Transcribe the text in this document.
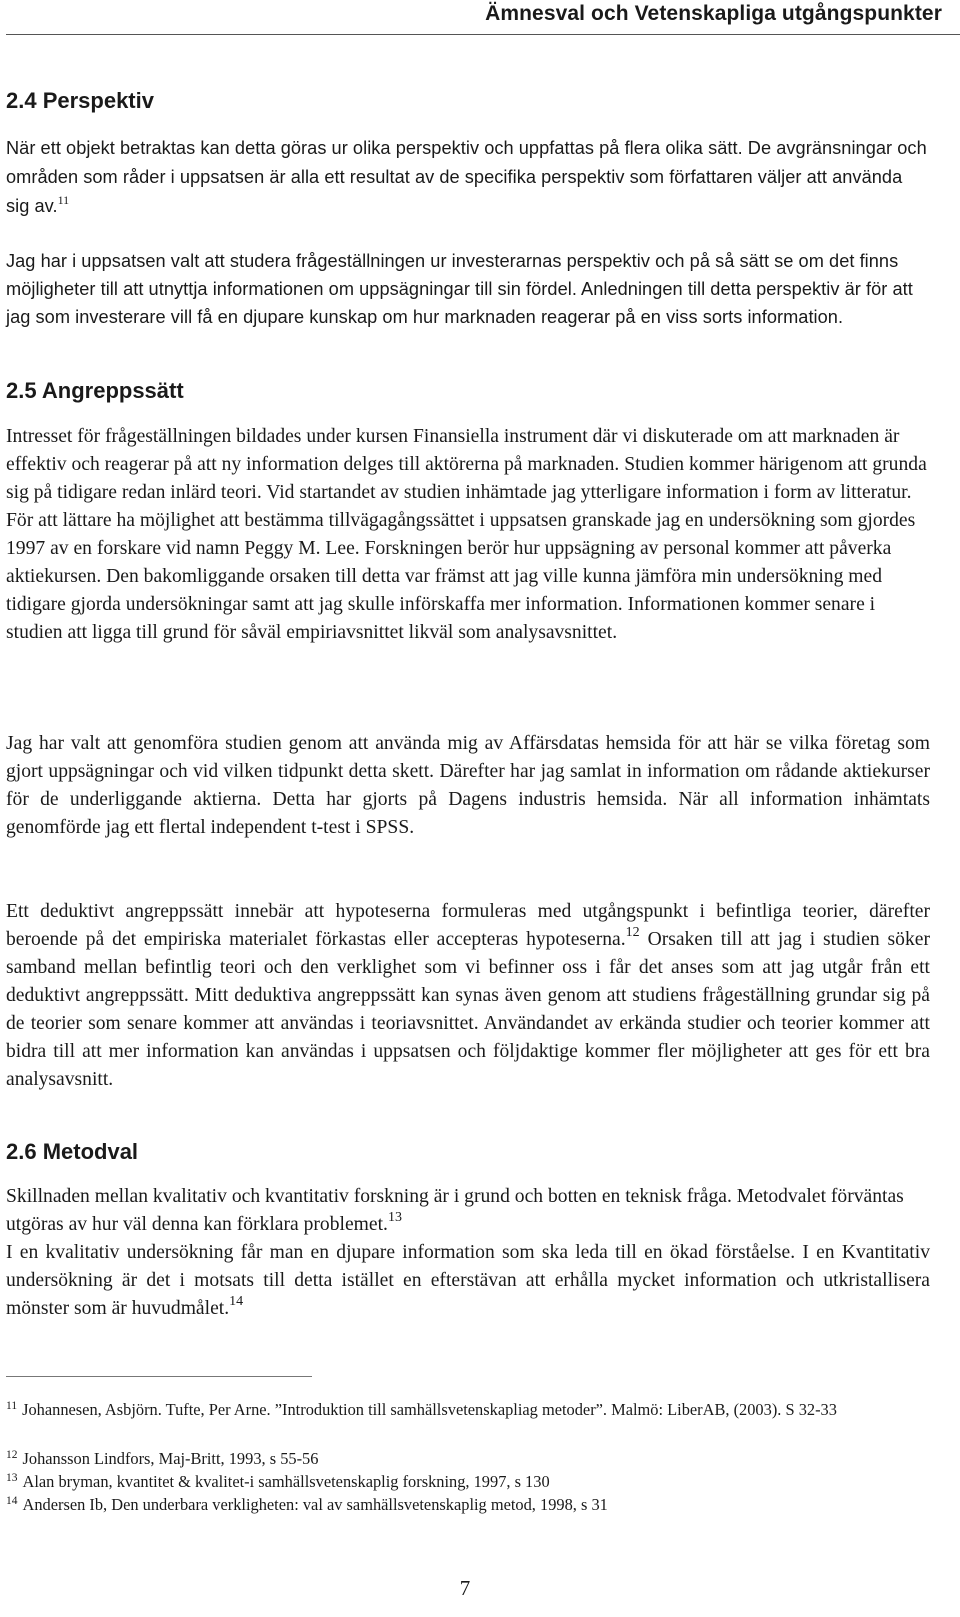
Ämnesval och Vetenskapliga utgångspunkter
2.4 Perspektiv

När ett objekt betraktas kan detta göras ur olika perspektiv och uppfattas på flera olika sätt. De avgränsningar och områden som råder i uppsatsen är alla ett resultat av de specifika perspektiv som författaren väljer att använda sig av.$^{11}$

Jag har i uppsatsen valt att studera frågeställningen ur investerarnas perspektiv och på så sätt se om det finns möjligheter till att utnyttja informationen om uppsägningar till sin fördel. Anledningen till detta perspektiv är för att jag som investerare vill få en djupare kunskap om hur marknaden reagerar på en viss sorts information.

2.5 Angreppssätt

Intresset för frågeställningen bildades under kursen Finansiella instrument där vi diskuterade om att marknaden är effektiv och reagerar på att ny information delges till aktörerna på marknaden. Studien kommer härigenom att grunda sig på tidigare redan inlärd teori. Vid startandet av studien inhämtade jag ytterligare information i form av litteratur. För att lättare ha möjlighet att bestämma tillvägagångssättet i uppsatsen granskade jag en undersökning som gjordes 1997 av en forskare vid namn Peggy M. Lee. Forskningen berör hur uppsägning av personal kommer att påverka aktiekursen. Den bakomliggande orsaken till detta var främst att jag ville kunna jämföra min undersökning med tidigare gjorda undersökningar samt att jag skulle införskaffa mer information. Informationen kommer senare i studien att ligga till grund för såväl empiriavsnittet likväl som analysavsnittet.

Jag har valt att genomföra studien genom att använda mig av Affärsdatas hemsida för att här se vilka företag som gjort uppsägningar och vid vilken tidpunkt detta skett. Därefter har jag samlat in information om rådande aktiekurser för de underliggande aktierna. Detta har gjorts på Dagens industris hemsida. När all information inhämtats genomförde jag ett flertal independent t-test i SPSS.

Ett deduktivt angreppssätt innebär att hypoteserna formuleras med utgångspunkt i befintliga teorier, därefter beroende på det empiriska materialet förkastas eller accepteras hypoteserna.$^{12}$ Orsaken till att jag i studien söker samband mellan befintlig teori och den verklighet som vi befinner oss i får det anses som att jag utgår från ett deduktivt angreppssätt. Mitt deduktiva angreppssätt kan synas även genom att studiens frågeställning grundar sig på de teorier som senare kommer att användas i teoriavsnittet. Användandet av erkända studier och teorier kommer att bidra till att mer information kan användas i uppsatsen och följdaktige kommer fler möjligheter att ges för ett bra analysavsnitt.

2.6 Metodval

Skillnaden mellan kvalitativ och kvantitativ forskning är i grund och botten en teknisk fråga. Metodvalet förväntas utgöras av hur väl denna kan förklara problemet.$^{13}$

I en kvalitativ undersökning får man en djupare information som ska leda till en ökad förståelse. I en Kvantitativ undersökning är det i motsats till detta istället en efterstävan att erhålla mycket information och utkristallisera mönster som är huvudmålet.$^{14}$

$^{11}$ Johannesen, Asbjörn. Tufte, Per Arne. ”Introduktion till samhällsvetenskapliag metoder”. Malmö: LiberAB, (2003). S 32-33

$^{12}$ Johansson Lindfors, Maj-Britt, 1993, s 55-56

$^{13}$ Alan bryman, kvantitet & kvalitet-i samhällsvetenskaplig forskning, 1997, s 130

$^{14}$ Andersen Ib, Den underbara verkligheten: val av samhällsvetenskaplig metod, 1998, s 31

7
